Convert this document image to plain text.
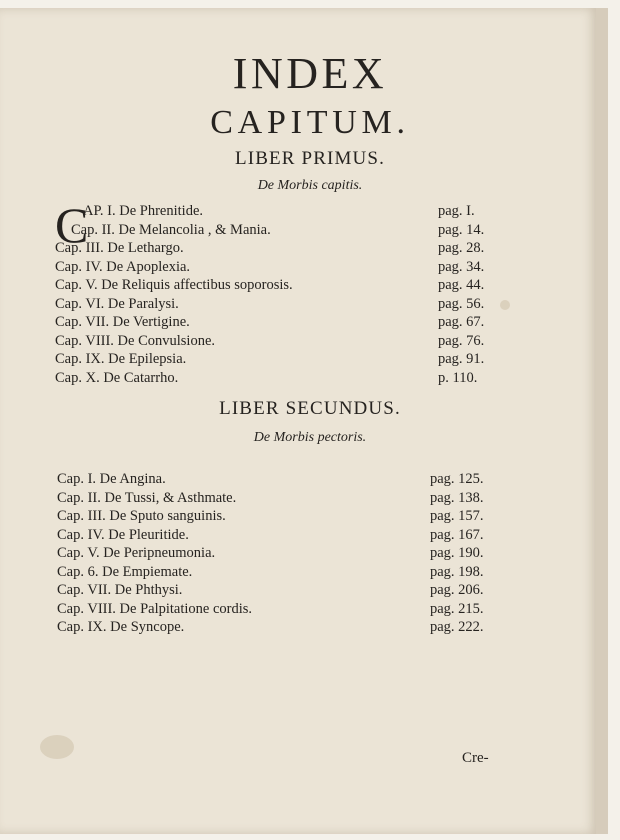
INDEX
CAPITUM.
LIBER PRIMUS.
De Morbis capitis.
C
AP. I. De Phrenitide.	pag. I.
Cap. II. De Melancolia , & Mania.	pag. 14.
Cap. III. De Lethargo.	pag. 28.
Cap. IV. De Apoplexia.	pag. 34.
Cap. V. De Reliquis affectibus soporosis.	pag. 44.
Cap. VI. De Paralysi.	pag. 56.
Cap. VII. De Vertigine.	pag. 67.
Cap. VIII. De Convulsione.	pag. 76.
Cap. IX. De Epilepsia.	pag. 91.
Cap. X. De Catarrho.	p. 110.
LIBER SECUNDUS.
De Morbis pectoris.
Cap. I. De Angina.	pag. 125.
Cap. II. De Tussi, & Asthmate.	pag. 138.
Cap. III. De Sputo sanguinis.	pag. 157.
Cap. IV. De Pleuritide.	pag. 167.
Cap. V. De Peripneumonia.	pag. 190.
Cap. 6. De Empiemate.	pag. 198.
Cap. VII. De Phthysi.	pag. 206.
Cap. VIII. De Palpitatione cordis.	pag. 215.
Cap. IX. De Syncope.	pag. 222.
Cre-
